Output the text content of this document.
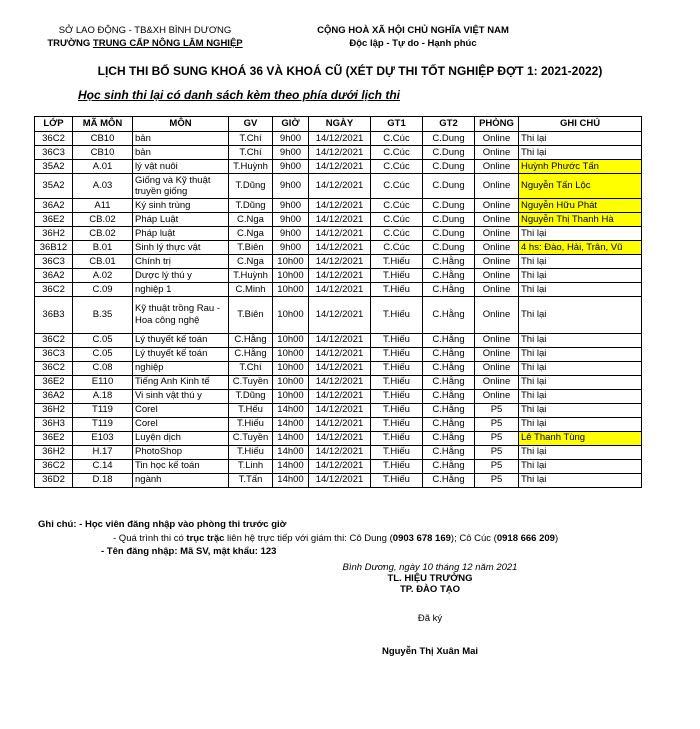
SỞ LAO ĐỘNG - TB&XH BÌNH DƯƠNG
TRƯỜNG TRUNG CẤP NÔNG LÂM NGHIỆP
CỘNG HOÀ XÃ HỘI CHỦ NGHĨA VIỆT NAM
Độc lập - Tự do - Hạnh phúc
LỊCH THI BỔ SUNG KHOÁ 36 VÀ KHOÁ CŨ (XÉT DỰ THI TỐT NGHIỆP ĐỢT 1: 2021-2022)
Học sinh thi lại có danh sách kèm theo phía dưới lịch thi
LỚP	MÃ MÔN	MÔN	GV	GIỜ	NGÀY	GT1	GT2	PHÒNG	GHI CHÚ
36C2	CB10	bản	T.Chí	9h00	14/12/2021	C.Cúc	C.Dung	Online	Thi lại
36C3	CB10	bản	T.Chí	9h00	14/12/2021	C.Cúc	C.Dung	Online	Thi lại
35A2	A.01	lý vật nuôi	T.Huỳnh	9h00	14/12/2021	C.Cúc	C.Dung	Online	Huỳnh Phước Tấn
35A2	A.03	Giống và Kỹ thuật truyền giống	T.Dũng	9h00	14/12/2021	C.Cúc	C.Dung	Online	Nguyễn Tấn Lộc
36A2	A11	Ký sinh trùng	T.Dũng	9h00	14/12/2021	C.Cúc	C.Dung	Online	Nguyễn Hữu Phát
36E2	CB.02	Pháp Luật	C.Nga	9h00	14/12/2021	C.Cúc	C.Dung	Online	Nguyễn Thị Thanh Hà
36H2	CB.02	Pháp luật	C.Nga	9h00	14/12/2021	C.Cúc	C.Dung	Online	Thi lại
36B12	B.01	Sinh lý thực vật	T.Biên	9h00	14/12/2021	C.Cúc	C.Dung	Online	4 hs: Đào, Hải, Trân, Vũ
36C3	CB.01	Chính trị	C.Nga	10h00	14/12/2021	T.Hiếu	C.Hằng	Online	Thi lại
36A2	A.02	Dược lý thú y	T.Huỳnh	10h00	14/12/2021	T.Hiếu	C.Hằng	Online	Thi lại
36C2	C.09	nghiệp 1	C.Minh	10h00	14/12/2021	T.Hiếu	C.Hằng	Online	Thi lại
36B3	B.35	Kỹ thuật trồng Rau - Hoa công nghệ	T.Biên	10h00	14/12/2021	T.Hiếu	C.Hằng	Online	Thi lại
36C2	C.05	Lý thuyết kế toán	C.Hằng	10h00	14/12/2021	T.Hiếu	C.Hằng	Online	Thi lại
36C3	C.05	Lý thuyết kế toán	C.Hằng	10h00	14/12/2021	T.Hiếu	C.Hằng	Online	Thi lại
36C2	C.08	nghiệp	T.Chí	10h00	14/12/2021	T.Hiếu	C.Hằng	Online	Thi lại
36E2	E110	Tiếng Anh Kinh tế	C.Tuyền	10h00	14/12/2021	T.Hiếu	C.Hằng	Online	Thi lại
36A2	A.18	Vi sinh vật thú y	T.Dũng	10h00	14/12/2021	T.Hiếu	C.Hằng	Online	Thi lại
36H2	T119	Corel	T.Hếu	14h00	14/12/2021	T.Hiếu	C.Hằng	P5	Thi lại
36H3	T119	Corel	T.Hiếu	14h00	14/12/2021	T.Hiếu	C.Hằng	P5	Thi lại
36E2	E103	Luyện dịch	C.Tuyền	14h00	14/12/2021	T.Hiếu	C.Hằng	P5	Lê Thanh Tùng
36H2	H.17	PhotoShop	T.Hiếu	14h00	14/12/2021	T.Hiếu	C.Hằng	P5	Thi lại
36C2	C.14	Tin học kế toán	T.Linh	14h00	14/12/2021	T.Hiếu	C.Hằng	P5	Thi lại
36D2	D.18	ngành	T.Tấn	14h00	14/12/2021	T.Hiếu	C.Hằng	P5	Thi lại
Ghi chú: - Học viên đăng nhập vào phòng thi trước giờ
- Quá trình thi có trục trặc liên hệ trực tiếp với giám thi: Cô Dung (0903 678 169); Cô Cúc (0918 666 209)
- Tên đăng nhập: Mã SV, mật khẩu: 123
Bình Dương, ngày 10 tháng 12 năm 2021
TL. HIỆU TRƯỞNG
TP. ĐÀO TẠO
Đã ký
Nguyễn Thị Xuân Mai
